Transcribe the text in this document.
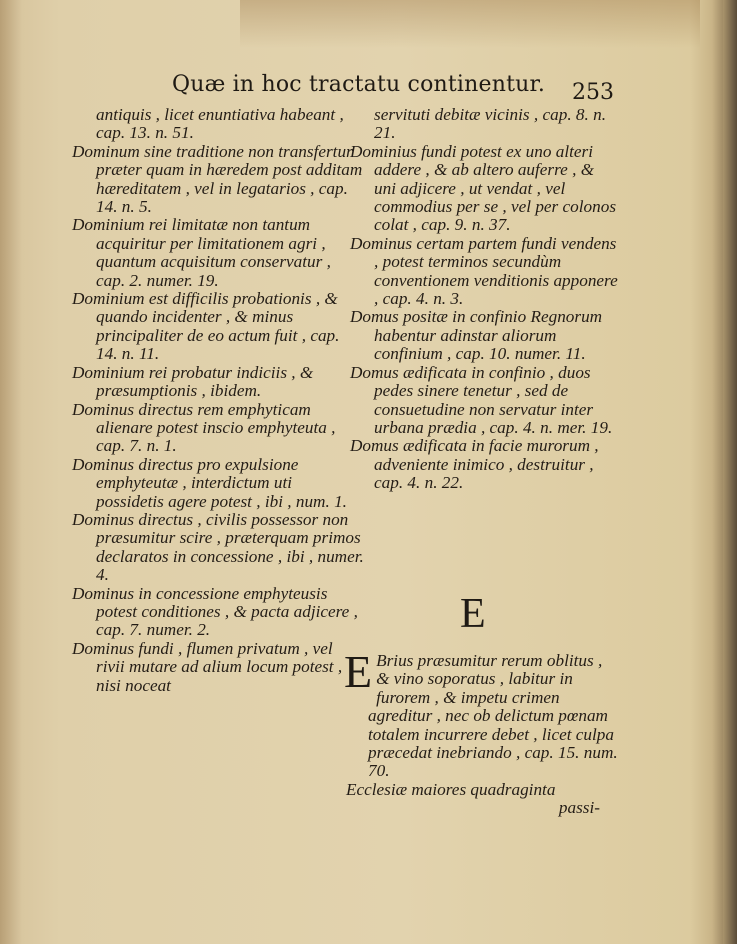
Quæ in hoc tractatu continentur. 253

antiquis , licet enuntiativa habeant , cap. 13. n. 51.

Dominum sine traditione non transfertur præter quam in hæredem post additam hæreditatem , vel in legatarios , cap. 14. n. 5.

Dominium rei limitatæ non tantum acquiritur per limitationem agri , quantum acquisitum conservatur , cap. 2. numer. 19.

Dominium est difficilis probationis , & quando incidenter , & minus principaliter de eo actum fuit , cap. 14. n. 11.

Dominium rei probatur indiciis , & præsumptionis , ibidem.

Dominus directus rem emphyticam alienare potest inscio emphyteuta , cap. 7. n. 1.

Dominus directus pro expulsione emphyteutæ , interdictum uti possidetis agere potest , ibi , num. 1.

Dominus directus , civilis possessor non præsumitur scire , præterquam primos declaratos in concessione , ibi , numer. 4.

Dominus in concessione emphyteusis potest conditiones , & pacta adjicere , cap. 7. numer. 2.

Dominus fundi , flumen privatum , vel rivii mutare ad alium locum potest , nisi noceat

servituti debitæ vicinis , cap. 8. n. 21.

Dominius fundi potest ex uno alteri addere , & ab altero auferre , & uni adjicere , ut vendat , vel commodius per se , vel per colonos colat , cap. 9. n. 37.

Dominus certam partem fundi vendens , potest terminos secundùm conventionem venditionis apponere , cap. 4. n. 3.

Domus positæ in confinio Regnorum habentur adinstar aliorum confinium , cap. 10. numer. 11.

Domus ædificata in confinio , duos pedes sinere tenetur , sed de consuetudine non servatur inter urbana prædia , cap. 4. n. mer. 19.

Domus ædificata in facie murorum , adveniente inimico , destruitur , cap. 4. n. 22.

E
E Brius præsumitur rerum oblitus , & vino soporatus , labitur in furorem , & impetu crimen agreditur , nec ob delictum pœnam totalem incurrere debet , licet culpa præcedat inebriando , cap. 15. num. 70.

Ecclesiæ maiores quadraginta
passi-
